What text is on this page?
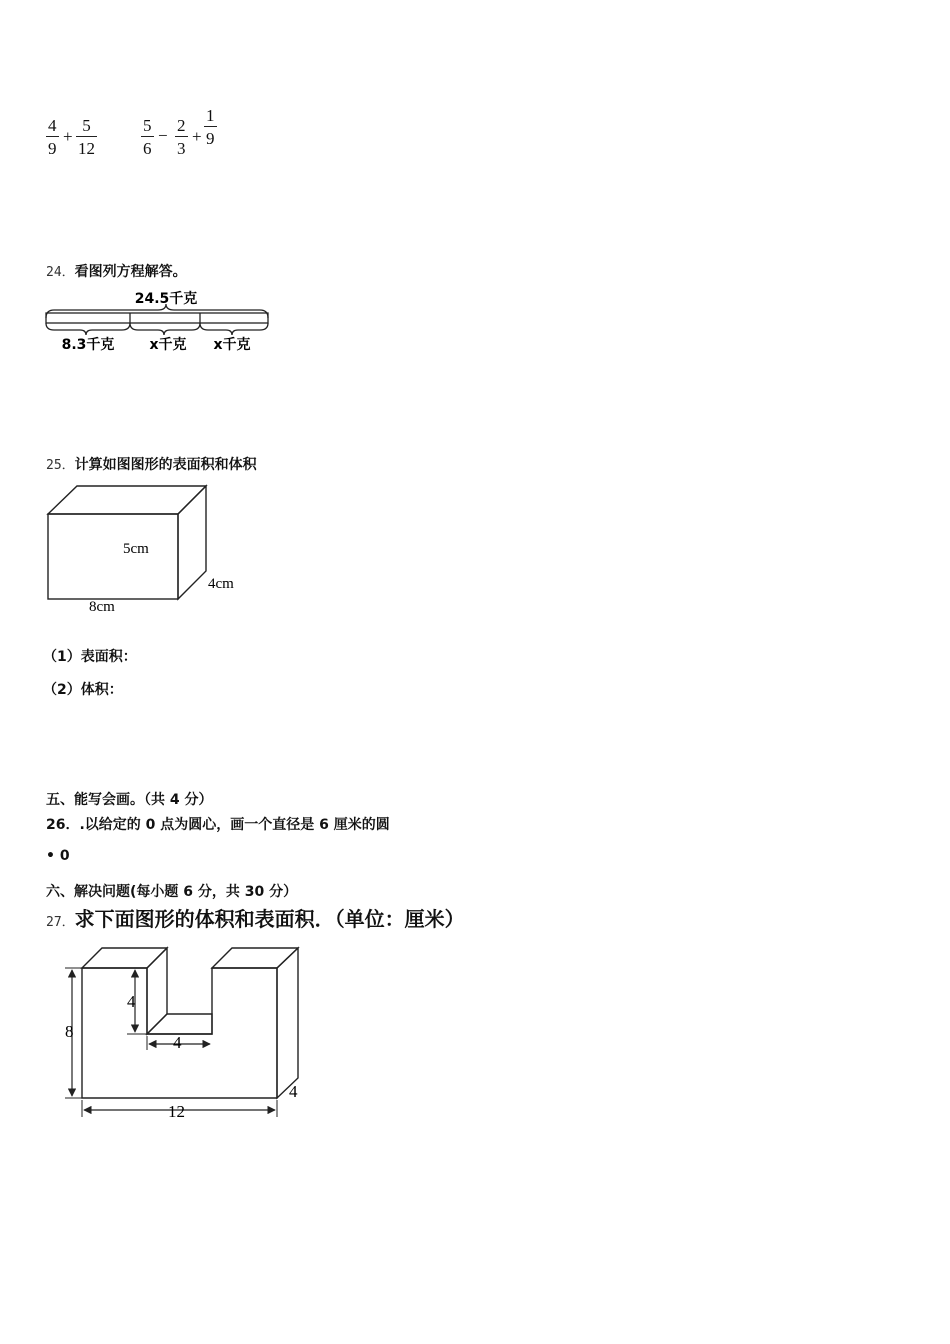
4
9
+
5
12
5
6
−
2
3
+
1
9
24．看图列方程解答。
24.5千克
8.3千克	x千克 x千克
25．计算如图图形的表面积和体积
5cm
4cm
8cm
（1）表面积：
（2）体积：
五、能写会画。（共 4 分）
26．.以给定的 0 点为圆心，画一个直径是 6 厘米的圆
• 0
六、解决问题(每小题 6 分，共 30 分）
27．求下面图形的体积和表面积．（单位：厘米）
8
4
4
12
4
